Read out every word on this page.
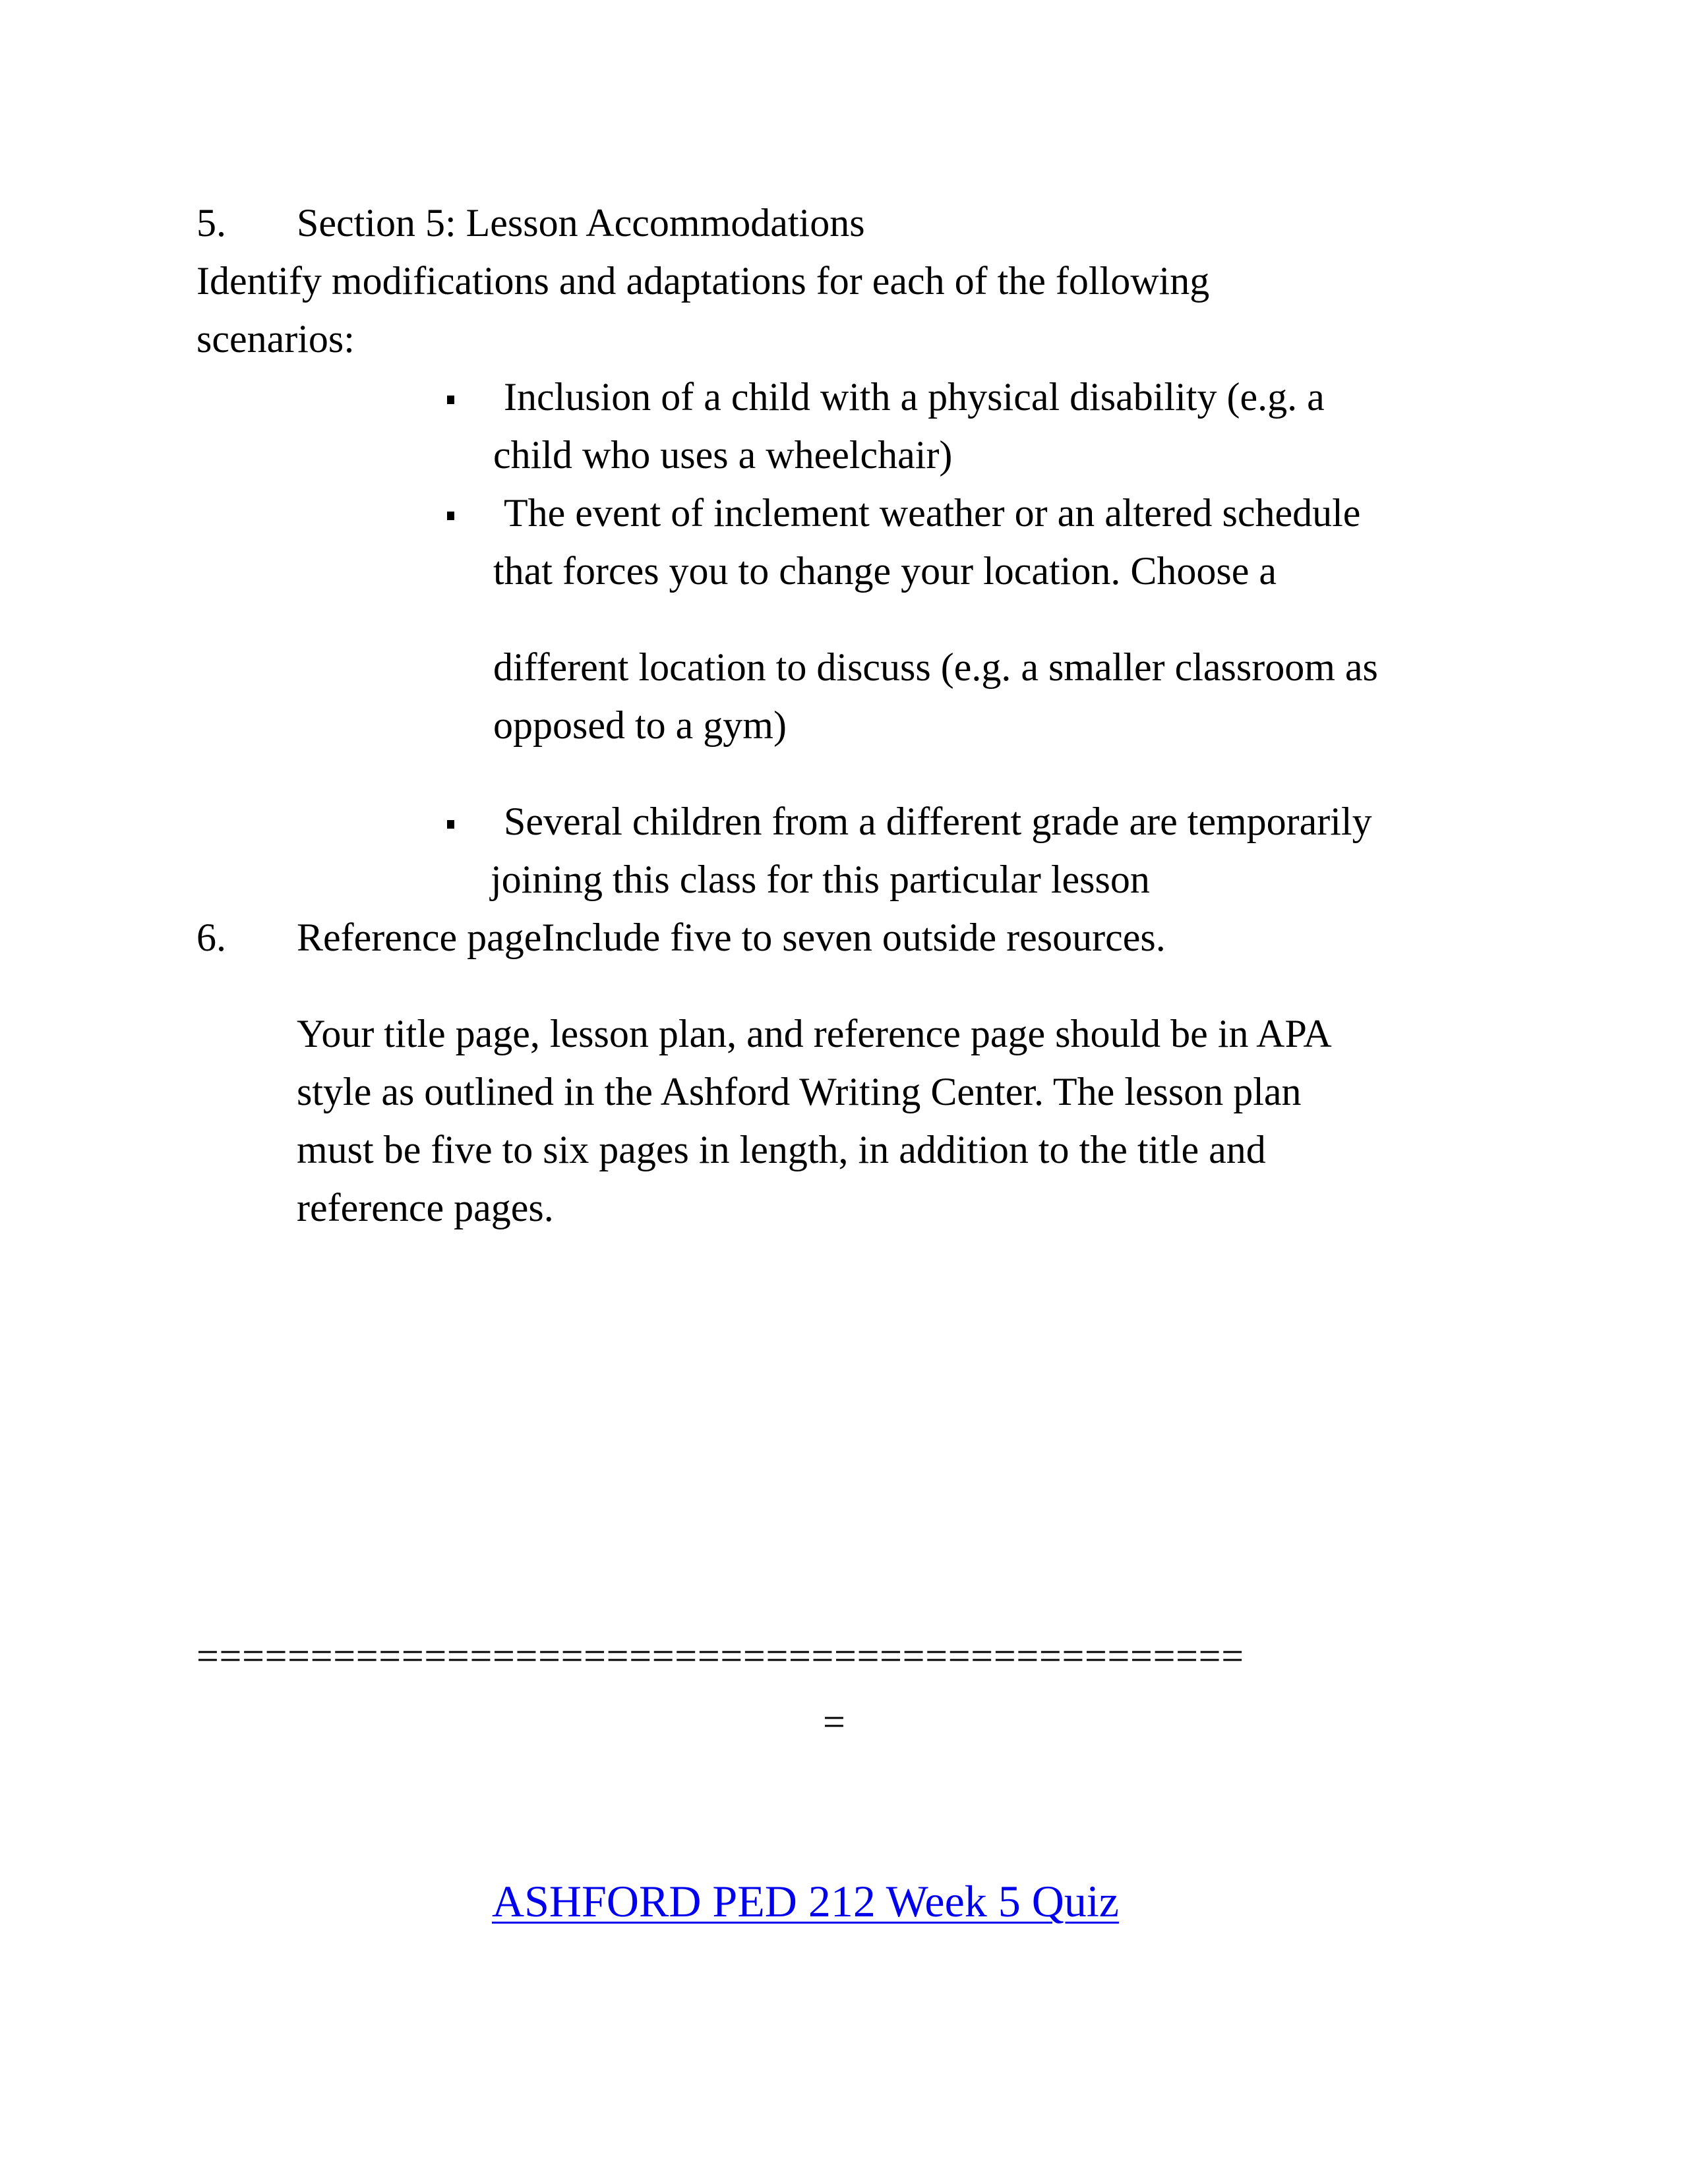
5. Section 5: Lesson Accommodations

Identify modifications and adaptations for each of the following

scenarios:

Inclusion of a child with a physical disability (e.g. a
child who uses a wheelchair)
The event of inclement weather or an altered schedule
that forces you to change your location. Choose a
different location to discuss (e.g. a smaller classroom as
opposed to a gym)
Several children from a different grade are temporarily
joining this class for this particular lesson
6. Reference pageInclude five to seven outside resources.

Your title page, lesson plan, and reference page should be in APA

style as outlined in the Ashford Writing Center. The lesson plan

must be five to six pages in length, in addition to the title and

reference pages.

==============================================
=
ASHFORD PED 212 Week 5 Quiz
